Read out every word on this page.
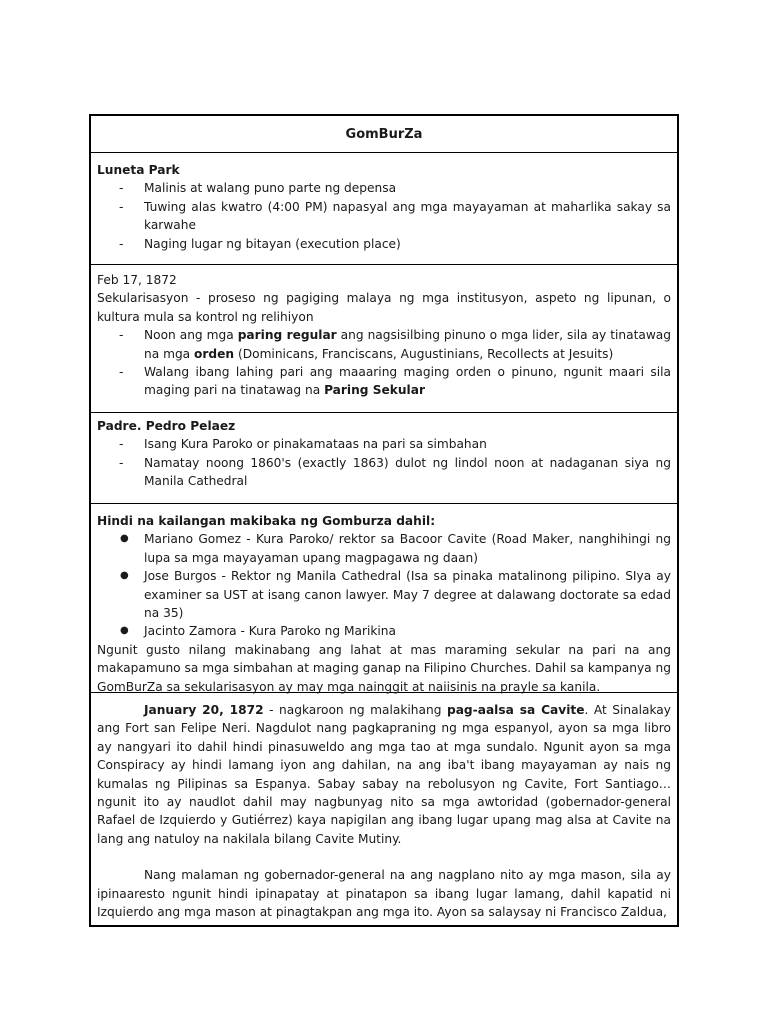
GomBurZa

Luneta Park

- Malinis at walang puno parte ng depensa
- Tuwing alas kwatro (4:00 PM) napasyal ang mga mayayaman at maharlika sakay sa karwahe
- Naging lugar ng bitayan (execution place)

Feb 17, 1872

Sekularisasyon - proseso ng pagiging malaya ng mga institusyon, aspeto ng lipunan, o kultura mula sa kontrol ng relihiyon

- Noon ang mga paring regular ang nagsisilbing pinuno o mga lider, sila ay tinatawag na mga orden (Dominicans, Franciscans, Augustinians, Recollects at Jesuits)
- Walang ibang lahing pari ang maaaring maging orden o pinuno, ngunit maari sila maging pari na tinatawag na Paring Sekular

Padre. Pedro Pelaez

- Isang Kura Paroko or pinakamataas na pari sa simbahan
- Namatay noong 1860's (exactly 1863) dulot ng lindol noon at nadaganan siya ng Manila Cathedral

Hindi na kailangan makibaka ng Gomburza dahil:

● Mariano Gomez - Kura Paroko/ rektor sa Bacoor Cavite (Road Maker, nanghihingi ng lupa sa mga mayayaman upang magpagawa ng daan)
● Jose Burgos - Rektor ng Manila Cathedral (Isa sa pinaka matalinong pilipino. SIya ay examiner sa UST at isang canon lawyer. May 7 degree at dalawang doctorate sa edad na 35)
● Jacinto Zamora - Kura Paroko ng Marikina

Ngunit gusto nilang makinabang ang lahat at mas maraming sekular na pari na ang makapamuno sa mga simbahan at maging ganap na Filipino Churches. Dahil sa kampanya ng GomBurZa sa sekularisasyon ay may mga nainggit at naiisinis na prayle sa kanila.

January 20, 1872 - nagkaroon ng malakihang pag-aalsa sa Cavite. At Sinalakay ang Fort san Felipe Neri. Nagdulot nang pagkapraning ng mga espanyol, ayon sa mga libro ay nangyari ito dahil hindi pinasuweldo ang mga tao at mga sundalo. Ngunit ayon sa mga Conspiracy ay hindi lamang iyon ang dahilan, na ang iba't ibang mayayaman ay nais ng kumalas ng Pilipinas sa Espanya. Sabay sabay na rebolusyon ng Cavite, Fort Santiago… ngunit ito ay naudlot dahil may nagbunyag nito sa mga awtoridad (gobernador-general Rafael de Izquierdo y Gutiérrez) kaya napigilan ang ibang lugar upang mag alsa at Cavite na lang ang natuloy na nakilala bilang Cavite Mutiny.

Nang malaman ng gobernador-general na ang nagplano nito ay mga mason, sila ay ipinaaresto ngunit hindi ipinapatay at pinatapon sa ibang lugar lamang, dahil kapatid ni Izquierdo ang mga mason at pinagtakpan ang mga ito. Ayon sa salaysay ni Francisco Zaldua,
